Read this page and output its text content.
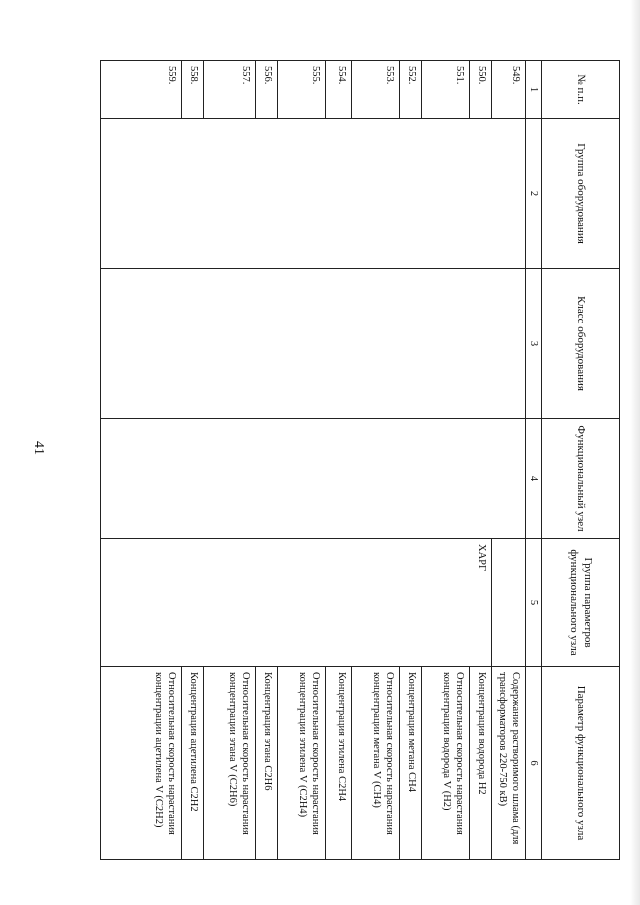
41
№ п.п.	Группа оборудования	Класс оборудования	Функциональный узел	Группа параметров функционального узла	Параметр функционального узла
1	2	3	4	5	6
549.					Содержание растворимого шлама (для трансформаторов 220-750 кВ)
550.				ХАРГ	Концентрация водорода Н2
551.					Относительная скорость нарастания концентрации водорода V (H2)
552.					Концентрация метана СН4
553.					Относительная скорость нарастания концентрации метана V (CH4)
554.					Концентрация этилена С2Н4
555.					Относительная скорость нарастания концентрации этилена V (C2H4)
556.					Концентрация этана С2Н6
557.					Относительная скорость нарастания концентрации этана V (C2H6)
558.					Концентрация ацетилена С2Н2
559.					Относительная скорость нарастания концентрации ацетилена V (C2H2)
